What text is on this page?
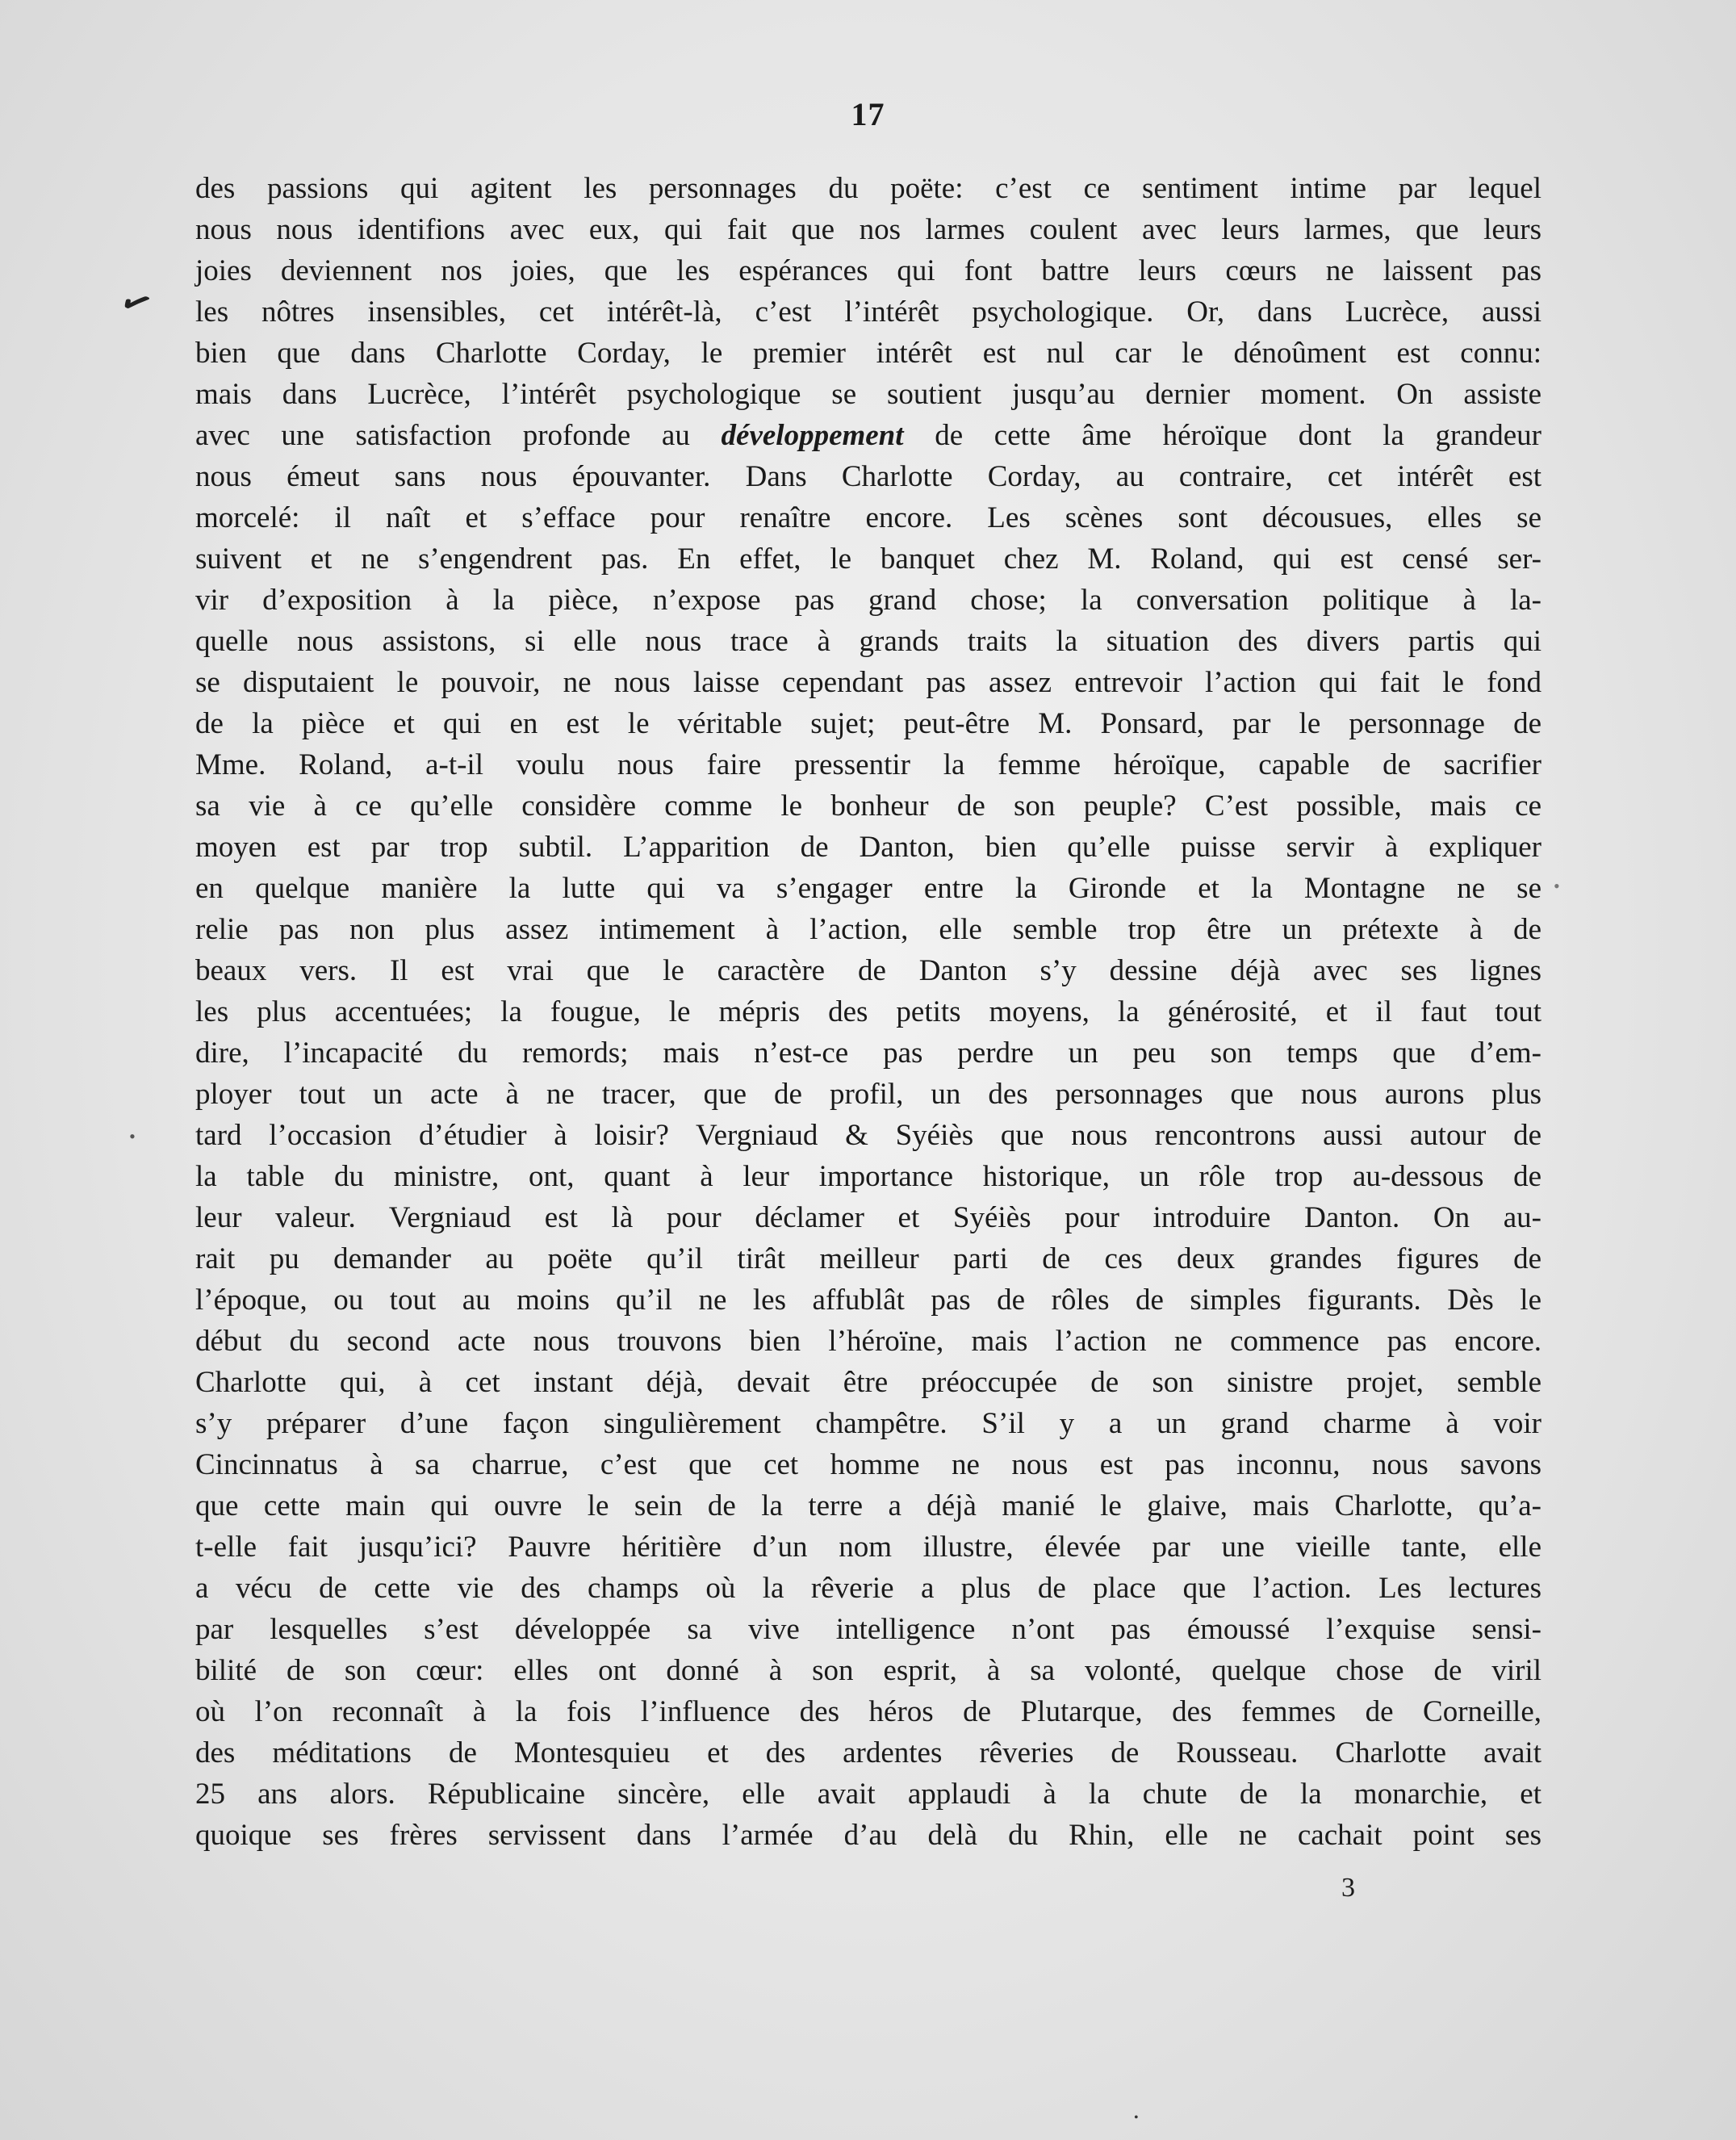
17
des passions qui agitent les personnages du poëte: c’est ce sentiment intime par lequel
nous nous identifions avec eux, qui fait que nos larmes coulent avec leurs larmes, que leurs
joies deviennent nos joies, que les espérances qui font battre leurs cœurs ne laissent pas
les nôtres insensibles, cet intérêt-là, c’est l’intérêt psychologique. Or, dans Lucrèce, aussi
bien que dans Charlotte Corday, le premier intérêt est nul car le dénoûment est connu:
mais dans Lucrèce, l’intérêt psychologique se soutient jusqu’au dernier moment. On assiste
avec une satisfaction profonde au développement de cette âme héroïque dont la grandeur
nous émeut sans nous épouvanter. Dans Charlotte Corday, au contraire, cet intérêt est
morcelé: il naît et s’efface pour renaître encore. Les scènes sont décousues, elles se
suivent et ne s’engendrent pas. En effet, le banquet chez M. Roland, qui est censé ser-
vir d’exposition à la pièce, n’expose pas grand chose; la conversation politique à la-
quelle nous assistons, si elle nous trace à grands traits la situation des divers partis qui
se disputaient le pouvoir, ne nous laisse cependant pas assez entrevoir l’action qui fait le fond
de la pièce et qui en est le véritable sujet; peut-être M. Ponsard, par le personnage de
Mme. Roland, a-t-il voulu nous faire pressentir la femme héroïque, capable de sacrifier
sa vie à ce qu’elle considère comme le bonheur de son peuple? C’est possible, mais ce
moyen est par trop subtil. L’apparition de Danton, bien qu’elle puisse servir à expliquer
en quelque manière la lutte qui va s’engager entre la Gironde et la Montagne ne se
relie pas non plus assez intimement à l’action, elle semble trop être un prétexte à de
beaux vers. Il est vrai que le caractère de Danton s’y dessine déjà avec ses lignes
les plus accentuées; la fougue, le mépris des petits moyens, la générosité, et il faut tout
dire, l’incapacité du remords; mais n’est-ce pas perdre un peu son temps que d’em-
ployer tout un acte à ne tracer, que de profil, un des personnages que nous aurons plus
tard l’occasion d’étudier à loisir? Vergniaud & Syéiès que nous rencontrons aussi autour de
la table du ministre, ont, quant à leur importance historique, un rôle trop au-dessous de
leur valeur. Vergniaud est là pour déclamer et Syéiès pour introduire Danton. On au-
rait pu demander au poëte qu’il tirât meilleur parti de ces deux grandes figures de
l’époque, ou tout au moins qu’il ne les affublât pas de rôles de simples figurants. Dès le
début du second acte nous trouvons bien l’héroïne, mais l’action ne commence pas encore.
Charlotte qui, à cet instant déjà, devait être préoccupée de son sinistre projet, semble
s’y préparer d’une façon singulièrement champêtre. S’il y a un grand charme à voir
Cincinnatus à sa charrue, c’est que cet homme ne nous est pas inconnu, nous savons
que cette main qui ouvre le sein de la terre a déjà manié le glaive, mais Charlotte, qu’a-
t-elle fait jusqu’ici? Pauvre héritière d’un nom illustre, élevée par une vieille tante, elle
a vécu de cette vie des champs où la rêverie a plus de place que l’action. Les lectures
par lesquelles s’est développée sa vive intelligence n’ont pas émoussé l’exquise sensi-
bilité de son cœur: elles ont donné à son esprit, à sa volonté, quelque chose de viril
où l’on reconnaît à la fois l’influence des héros de Plutarque, des femmes de Corneille,
des méditations de Montesquieu et des ardentes rêveries de Rousseau. Charlotte avait
25 ans alors. Républicaine sincère, elle avait applaudi à la chute de la monarchie, et
quoique ses frères servissent dans l’armée d’au delà du Rhin, elle ne cachait point ses
3
✓
•
•
•
